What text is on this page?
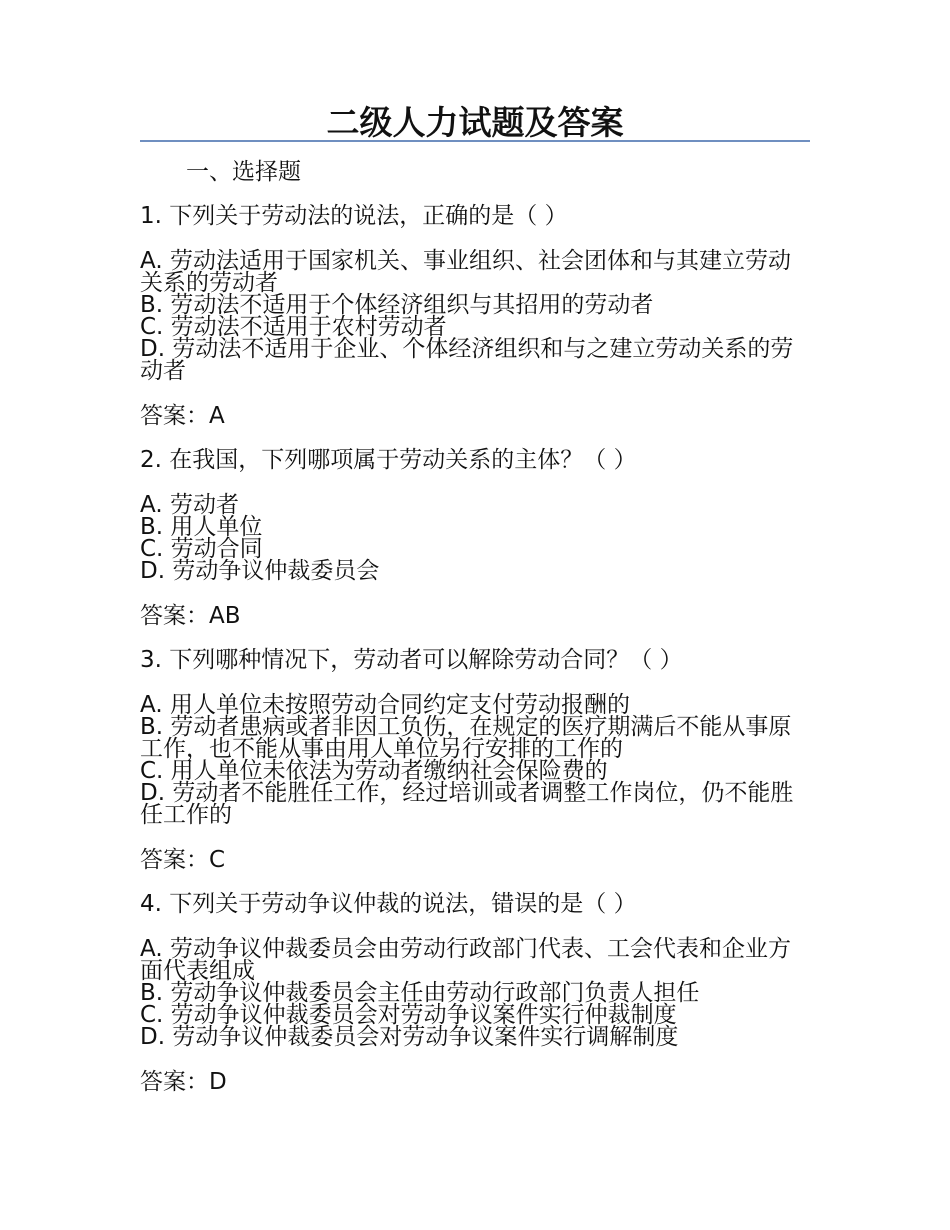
二级人力试题及答案
一、选择题

1. 下列关于劳动法的说法，正确的是（ ）

A. 劳动法适用于国家机关、事业组织、社会团体和与其建立劳动关系的劳动者

B. 劳动法不适用于个体经济组织与其招用的劳动者

C. 劳动法不适用于农村劳动者

D. 劳动法不适用于企业、个体经济组织和与之建立劳动关系的劳动者

答案：A

2. 在我国，下列哪项属于劳动关系的主体？（ ）

A. 劳动者

B. 用人单位

C. 劳动合同

D. 劳动争议仲裁委员会

答案：AB

3. 下列哪种情况下，劳动者可以解除劳动合同？（ ）

A. 用人单位未按照劳动合同约定支付劳动报酬的

B. 劳动者患病或者非因工负伤，在规定的医疗期满后不能从事原工作，也不能从事由用人单位另行安排的工作的

C. 用人单位未依法为劳动者缴纳社会保险费的

D. 劳动者不能胜任工作，经过培训或者调整工作岗位，仍不能胜任工作的

答案：C

4. 下列关于劳动争议仲裁的说法，错误的是（ ）

A. 劳动争议仲裁委员会由劳动行政部门代表、工会代表和企业方面代表组成

B. 劳动争议仲裁委员会主任由劳动行政部门负责人担任

C. 劳动争议仲裁委员会对劳动争议案件实行仲裁制度

D. 劳动争议仲裁委员会对劳动争议案件实行调解制度

答案：D
